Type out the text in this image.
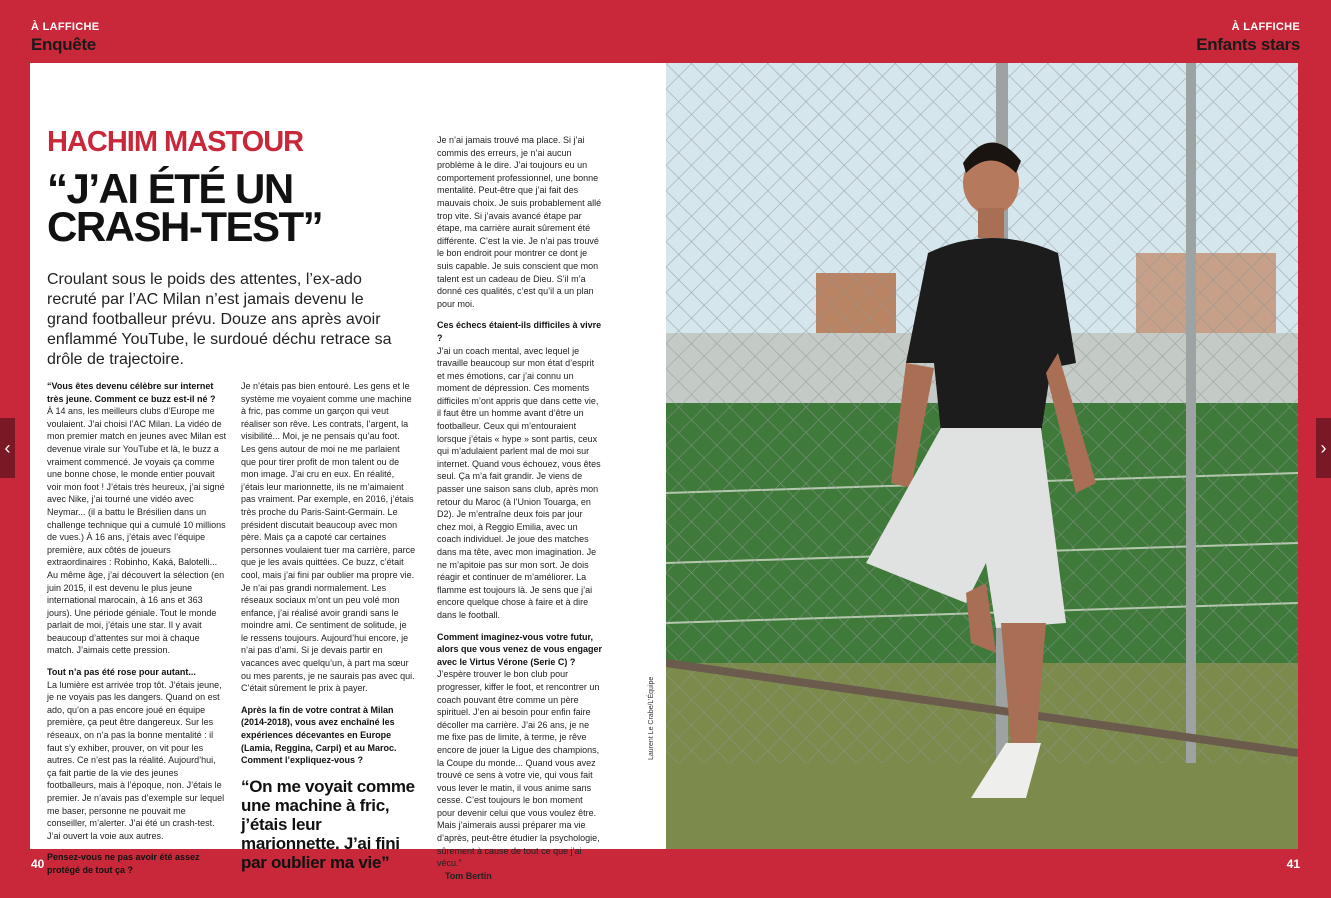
À LAFFICHE
Enquête
À LAFFICHE
Enfants stars
‹	›
HACHIM MASTOUR
“J’AI ÉTÉ UN
CRASH-TEST”
Croulant sous le poids des attentes, l’ex-ado recruté par l’AC Milan n’est jamais devenu le grand footballeur prévu. Douze ans après avoir enflammé YouTube, le surdoué déchu retrace sa drôle de trajectoire.

“Vous êtes devenu célèbre sur internet très jeune. Comment ce buzz est-il né ?

À 14 ans, les meilleurs clubs d’Europe me voulaient. J’ai choisi l’AC Milan. La vidéo de mon premier match en jeunes avec Milan est devenue virale sur YouTube et là, le buzz a vraiment commencé. Je voyais ça comme une bonne chose, le monde entier pouvait voir mon foot ! J’étais très heureux, j’ai signé avec Nike, j’ai tourné une vidéo avec Neymar... (il a battu le Brésilien dans un challenge technique qui a cumulé 10 millions de vues.) À 16 ans, j’étais avec l’équipe première, aux côtés de joueurs extraordinaires : Robinho, Kaká, Balotelli... Au même âge, j’ai découvert la sélection (en juin 2015, il est devenu le plus jeune international marocain, à 16 ans et 363 jours). Une période géniale. Tout le monde parlait de moi, j’étais une star. Il y avait beaucoup d’attentes sur moi à chaque match. J’aimais cette pression.

Tout n’a pas été rose pour autant...

La lumière est arrivée trop tôt. J’étais jeune, je ne voyais pas les dangers. Quand on est ado, qu’on a pas encore joué en équipe première, ça peut être dangereux. Sur les réseaux, on n’a pas la bonne mentalité : il faut s’y exhiber, prouver, on vit pour les autres. Ce n’est pas la réalité. Aujourd’hui, ça fait partie de la vie des jeunes footballeurs, mais à l’époque, non. J’étais le premier. Je n’avais pas d’exemple sur lequel me baser, personne ne pouvait me conseiller, m’alerter. J’ai été un crash-test. J’ai ouvert la voie aux autres.

Pensez-vous ne pas avoir été assez protégé de tout ça ?

Je n’étais pas bien entouré. Les gens et le système me voyaient comme une machine à fric, pas comme un garçon qui veut réaliser son rêve. Les contrats, l’argent, la visibilité... Moi, je ne pensais qu’au foot. Les gens autour de moi ne me parlaient que pour tirer profit de mon talent ou de mon image. J’ai cru en eux. En réalité, j’étais leur marionnette, ils ne m’aimaient pas vraiment. Par exemple, en 2016, j’étais très proche du Paris-Saint-Germain. Le président discutait beaucoup avec mon père. Mais ça a capoté car certaines personnes voulaient tuer ma carrière, parce que je les avais quittées. Ce buzz, c’était cool, mais j’ai fini par oublier ma propre vie. Je n’ai pas grandi normalement. Les réseaux sociaux m’ont un peu volé mon enfance, j’ai réalisé avoir grandi sans le moindre ami. Ce sentiment de solitude, je le ressens toujours. Aujourd’hui encore, je n’ai pas d’ami. Si je devais partir en vacances avec quelqu’un, à part ma sœur ou mes parents, je ne saurais pas avec qui. C’était sûrement le prix à payer.

Après la fin de votre contrat à Milan (2014-2018), vous avez enchaîné les expériences décevantes en Europe (Lamia, Reggina, Carpi) et au Maroc. Comment l’expliquez-vous ?

“On me voyait comme une machine à fric, j’étais leur marionnette. J’ai fini par oublier ma vie”

Je n’ai jamais trouvé ma place. Si j’ai commis des erreurs, je n’ai aucun problème à le dire. J’ai toujours eu un comportement professionnel, une bonne mentalité. Peut-être que j’ai fait des mauvais choix. Je suis probablement allé trop vite. Si j’avais avancé étape par étape, ma carrière aurait sûrement été différente. C’est la vie. Je n’ai pas trouvé le bon endroit pour montrer ce dont je suis capable. Je suis conscient que mon talent est un cadeau de Dieu. S’il m’a donné ces qualités, c’est qu’il a un plan pour moi.

Ces échecs étaient-ils difficiles à vivre ?

J’ai un coach mental, avec lequel je travaille beaucoup sur mon état d’esprit et mes émotions, car j’ai connu un moment de dépression. Ces moments difficiles m’ont appris que dans cette vie, il faut être un homme avant d’être un footballeur. Ceux qui m’entouraient lorsque j’étais « hype » sont partis, ceux qui m’adulaient parlent mal de moi sur internet. Quand vous échouez, vous êtes seul. Ça m’a fait grandir. Je viens de passer une saison sans club, après mon retour du Maroc (à l’Union Touarga, en D2). Je m’entraîne deux fois par jour chez moi, à Reggio Emilia, avec un coach individuel. Je joue des matches dans ma tête, avec mon imagination. Je ne m’apitoie pas sur mon sort. Je dois réagir et continuer de m’améliorer. La flamme est toujours là. Je sens que j’ai encore quelque chose à faire et à dire dans le football.

Comment imaginez-vous votre futur, alors que vous venez de vous engager avec le Virtus Vérone (Serie C) ?

J’espère trouver le bon club pour progresser, kiffer le foot, et rencontrer un coach pouvant être comme un père spirituel. J’en ai besoin pour enfin faire décoller ma carrière. J’ai 26 ans, je ne me fixe pas de limite, à terme, je rêve encore de jouer la Ligue des champions, la Coupe du monde... Quand vous avez trouvé ce sens à votre vie, qui vous fait vous lever le matin, il vous anime sans cesse. C’est toujours le bon moment pour devenir celui que vous voulez être. Mais j’aimerais aussi préparer ma vie d’après, peut-être étudier la psychologie, sûrement à cause de tout ce que j’ai vécu.”

● Tom Bertin

Laurent Le Crabe/L’Équipe
40	41
